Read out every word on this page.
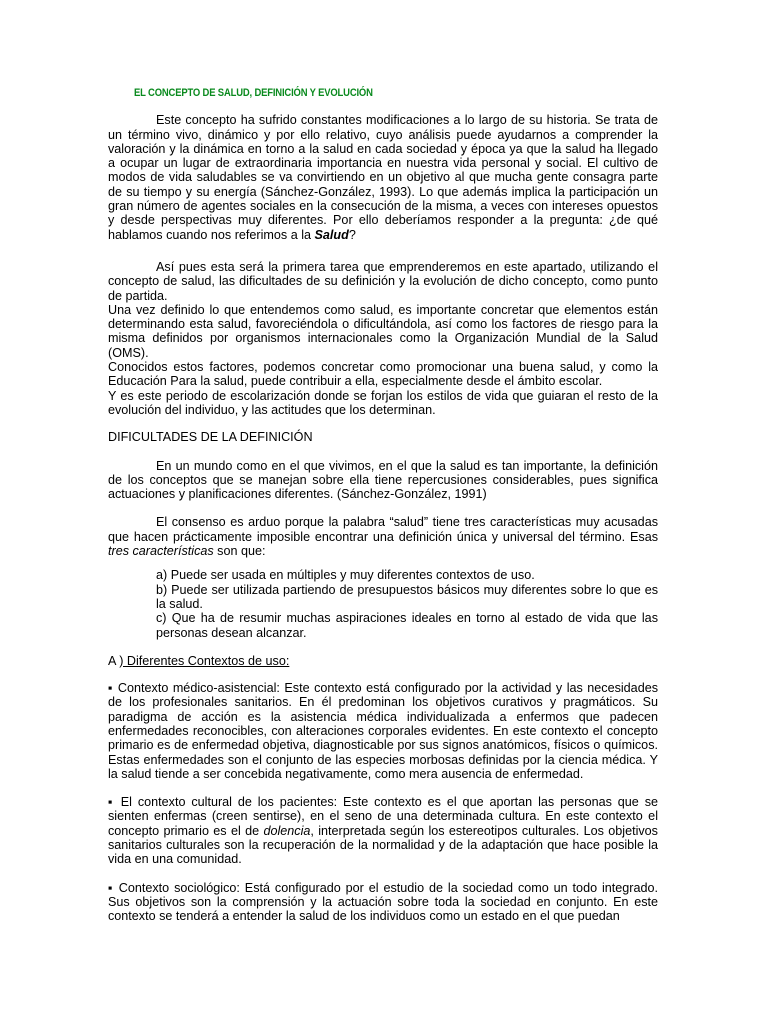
EL CONCEPTO DE SALUD, DEFINICIÓN Y EVOLUCIÓN

Este concepto ha sufrido constantes modificaciones a lo largo de su historia. Se trata de un término vivo, dinámico y por ello relativo, cuyo análisis puede ayudarnos a comprender la valoración y la dinámica en torno a la salud en cada sociedad y época ya que la salud ha llegado a ocupar un lugar de extraordinaria importancia en nuestra vida personal y social. El cultivo de modos de vida saludables se va convirtiendo en un objetivo al que mucha gente consagra parte de su tiempo y su energía (Sánchez-González, 1993). Lo que además implica la participación un gran número de agentes sociales en la consecución de la misma, a veces con intereses opuestos y desde perspectivas muy diferentes. Por ello deberíamos responder a la pregunta: ¿de qué hablamos cuando nos referimos a la Salud?

Así pues esta será la primera tarea que emprenderemos en este apartado, utilizando el concepto de salud, las dificultades de su definición y la evolución de dicho concepto, como punto de partida.

Una vez definido lo que entendemos como salud, es importante concretar que elementos están determinando esta salud, favoreciéndola o dificultándola, así como los factores de riesgo para la misma definidos por organismos internacionales como la Organización Mundial de la Salud (OMS).

Conocidos estos factores, podemos concretar como promocionar una buena salud, y como la Educación Para la salud, puede contribuir a ella, especialmente desde el ámbito escolar.

Y es este periodo de escolarización donde se forjan los estilos de vida que guiaran el resto de la evolución del individuo, y las actitudes que los determinan.

DIFICULTADES DE LA DEFINICIÓN

En un mundo como en el que vivimos, en el que la salud es tan importante, la definición de los conceptos que se manejan sobre ella tiene repercusiones considerables, pues significa actuaciones y planificaciones diferentes. (Sánchez-González, 1991)

El consenso es arduo porque la palabra “salud” tiene tres características muy acusadas que hacen prácticamente imposible encontrar una definición única y universal del término. Esas tres características son que:

a) Puede ser usada en múltiples y muy diferentes contextos de uso.

b) Puede ser utilizada partiendo de presupuestos básicos muy diferentes sobre lo que es la salud.

c) Que ha de resumir muchas aspiraciones ideales en torno al estado de vida que las personas desean alcanzar.

A ) Diferentes Contextos de uso:

▪ Contexto médico-asistencial: Este contexto está configurado por la actividad y las necesidades de los profesionales sanitarios. En él predominan los objetivos curativos y pragmáticos. Su paradigma de acción es la asistencia médica individualizada a enfermos que padecen enfermedades reconocibles, con alteraciones corporales evidentes. En este contexto el concepto primario es de enfermedad objetiva, diagnosticable por sus signos anatómicos, físicos o químicos. Estas enfermedades son el conjunto de las especies morbosas definidas por la ciencia médica. Y la salud tiende a ser concebida negativamente, como mera ausencia de enfermedad.

▪ El contexto cultural de los pacientes: Este contexto es el que aportan las personas que se sienten enfermas (creen sentirse), en el seno de una determinada cultura. En este contexto el concepto primario es el de dolencia, interpretada según los estereotipos culturales. Los objetivos sanitarios culturales son la recuperación de la normalidad y de la adaptación que hace posible la vida en una comunidad.

▪ Contexto sociológico: Está configurado por el estudio de la sociedad como un todo integrado. Sus objetivos son la comprensión y la actuación sobre toda la sociedad en conjunto. En este contexto se tenderá a entender la salud de los individuos como un estado en el que puedan
